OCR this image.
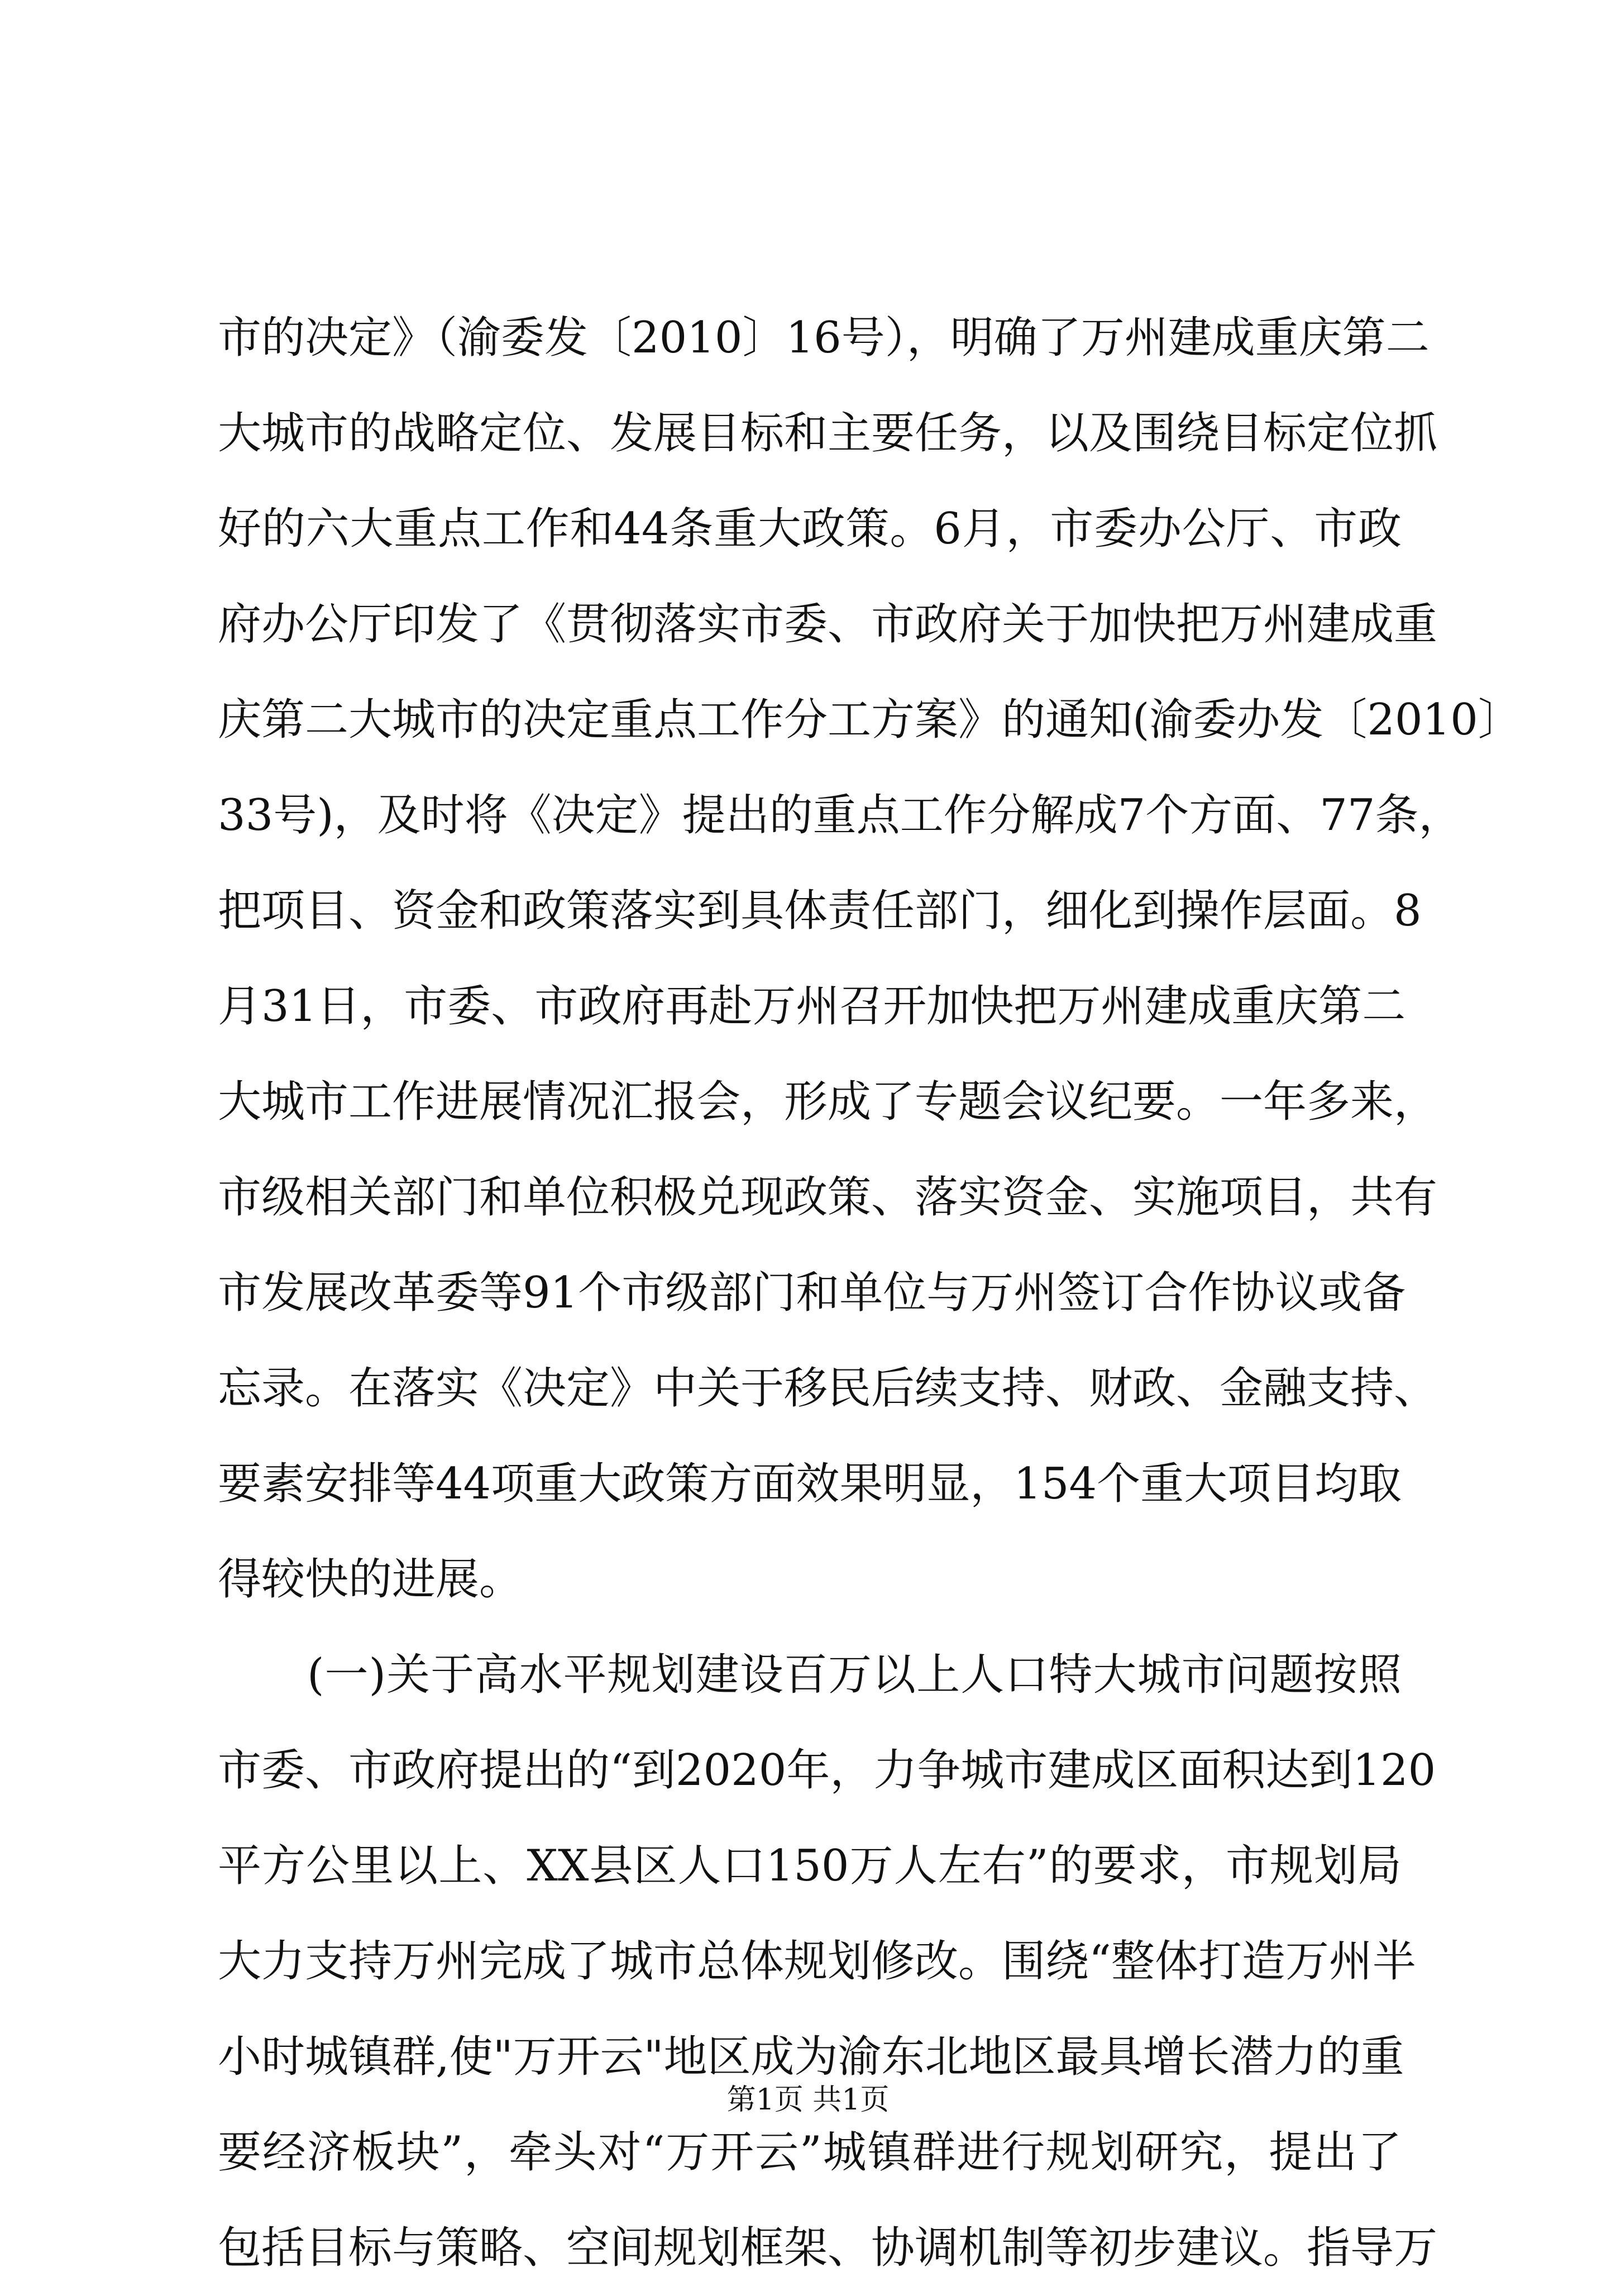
市的决定》（渝委发〔2010〕16号），明确了万州建成重庆第二
大城市的战略定位、发展目标和主要任务，以及围绕目标定位抓
好的六大重点工作和44条重大政策。6月，市委办公厅、市政
府办公厅印发了《贯彻落实市委、市政府关于加快把万州建成重
庆第二大城市的决定重点工作分工方案》的通知(渝委办发〔2010〕
33号)，及时将《决定》提出的重点工作分解成7个方面、77条，
把项目、资金和政策落实到具体责任部门，细化到操作层面。8
月31日，市委、市政府再赴万州召开加快把万州建成重庆第二
大城市工作进展情况汇报会，形成了专题会议纪要。一年多来，
市级相关部门和单位积极兑现政策、落实资金、实施项目，共有
市发展改革委等91个市级部门和单位与万州签订合作协议或备
忘录。在落实《决定》中关于移民后续支持、财政、金融支持、
要素安排等44项重大政策方面效果明显，154个重大项目均取
得较快的进展。
(一)关于高水平规划建设百万以上人口特大城市问题按照
市委、市政府提出的“到2020年，力争城市建成区面积达到120
平方公里以上、XX县区人口150万人左右”的要求，市规划局
大力支持万州完成了城市总体规划修改。围绕“整体打造万州半
小时城镇群,使"万开云"地区成为渝东北地区最具增长潜力的重
要经济板块”，牵头对“万开云”城镇群进行规划研究，提出了
包括目标与策略、空间规划框架、协调机制等初步建议。指导万
第1页 共1页
